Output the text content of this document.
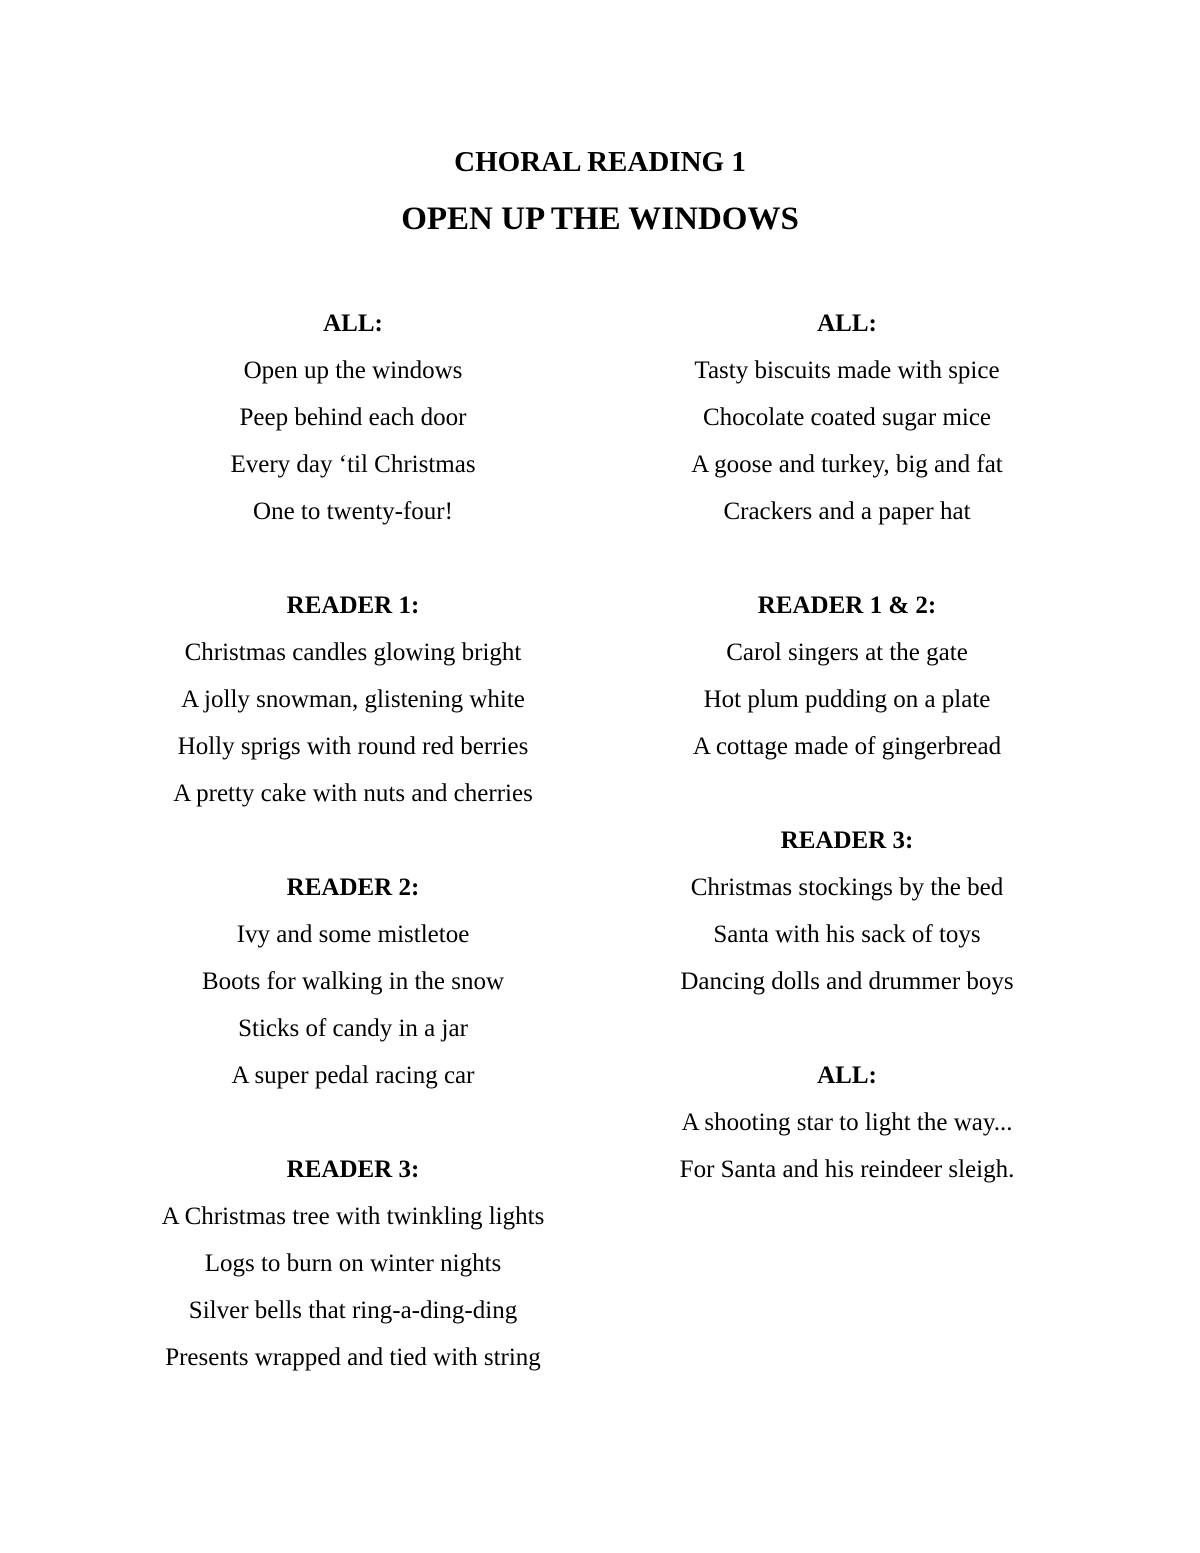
CHORAL READING 1
OPEN UP THE WINDOWS

ALL:

Open up the windows

Peep behind each door

Every day ‘til Christmas

One to twenty-four!

READER 1:

Christmas candles glowing bright

A jolly snowman, glistening white

Holly sprigs with round red berries

A pretty cake with nuts and cherries

READER 2:

Ivy and some mistletoe

Boots for walking in the snow

Sticks of candy in a jar

A super pedal racing car

READER 3:

A Christmas tree with twinkling lights

Logs to burn on winter nights

Silver bells that ring-a-ding-ding

Presents wrapped and tied with string

ALL:

Tasty biscuits made with spice

Chocolate coated sugar mice

A goose and turkey, big and fat

Crackers and a paper hat

READER 1 & 2:

Carol singers at the gate

Hot plum pudding on a plate

A cottage made of gingerbread

READER 3:

Christmas stockings by the bed

Santa with his sack of toys

Dancing dolls and drummer boys

ALL:

A shooting star to light the way...

For Santa and his reindeer sleigh.
